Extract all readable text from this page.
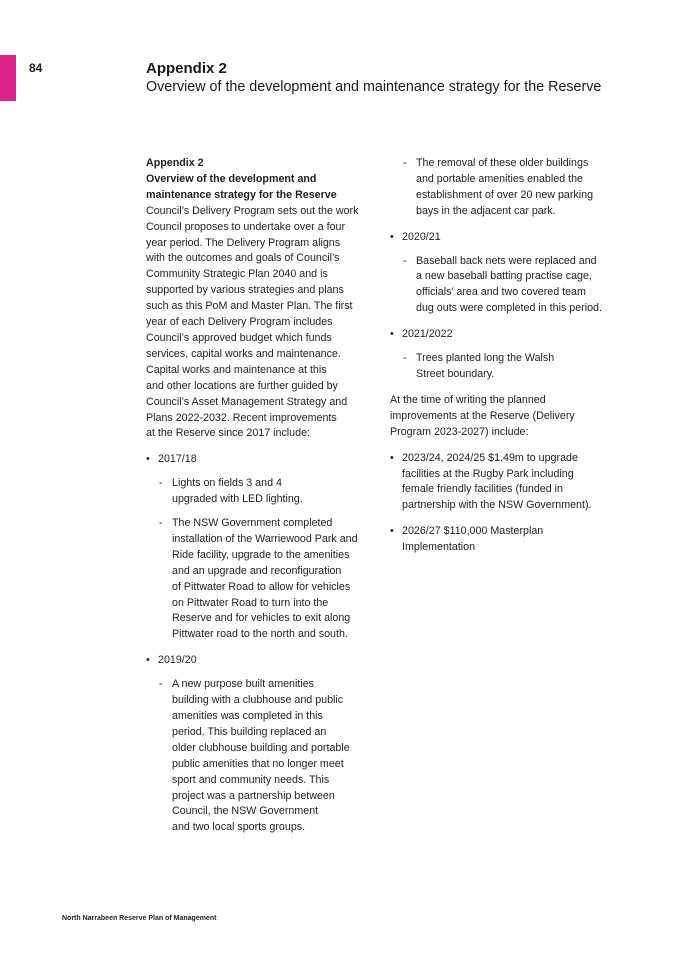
84	Appendix 2
Overview of the development and maintenance strategy for the Reserve
Appendix 2
Overview of the development and
maintenance strategy for the Reserve
Council’s Delivery Program sets out the work
Council proposes to undertake over a four
year period. The Delivery Program aligns
with the outcomes and goals of Council’s
Community Strategic Plan 2040 and is
supported by various strategies and plans
such as this PoM and Master Plan. The first
year of each Delivery Program includes
Council’s approved budget which funds
services, capital works and maintenance.
Capital works and maintenance at this
and other locations are further guided by
Council’s Asset Management Strategy and
Plans 2022-2032. Recent improvements
at the Reserve since 2017 include:
• 2017/18
- Lights on fields 3 and 4
upgraded with LED lighting.
- The NSW Government completed
installation of the Warriewood Park and
Ride facility, upgrade to the amenities
and an upgrade and reconfiguration
of Pittwater Road to allow for vehicles
on Pittwater Road to turn into the
Reserve and for vehicles to exit along
Pittwater road to the north and south.
• 2019/20
- A new purpose built amenities
building with a clubhouse and public
amenities was completed in this
period. This building replaced an
older clubhouse building and portable
public amenities that no longer meet
sport and community needs. This
project was a partnership between
Council, the NSW Government
and two local sports groups.
- The removal of these older buildings
and portable amenities enabled the
establishment of over 20 new parking
bays in the adjacent car park.
• 2020/21
- Baseball back nets were replaced and
a new baseball batting practise cage,
officials’ area and two covered team
dug outs were completed in this period.
• 2021/2022
- Trees planted long the Walsh
Street boundary.
At the time of writing the planned
improvements at the Reserve (Delivery
Program 2023-2027) include:
• 2023/24, 2024/25 $1.49m to upgrade
facilities at the Rugby Park including
female friendly facilities (funded in
partnership with the NSW Government).
• 2026/27 $110,000 Masterplan
Implementation
North Narrabeen Reserve Plan of Management
